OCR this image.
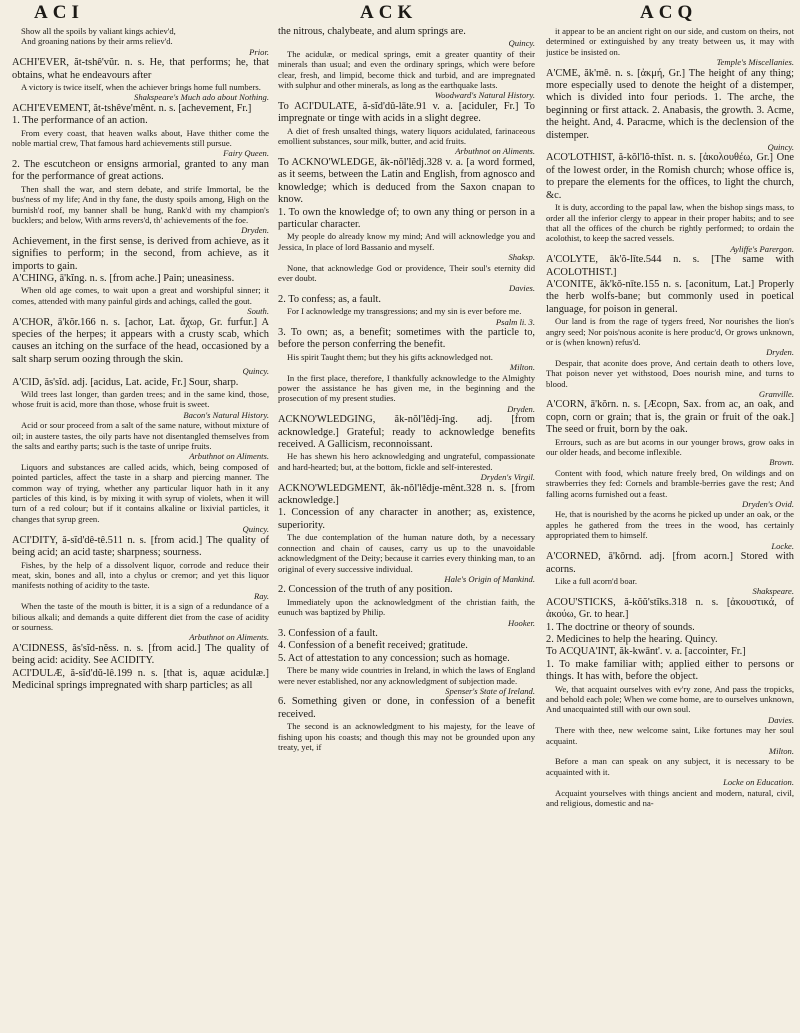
ACI	ACK	ACQ

Show all the spoils by valiant kings achiev'd,

And groaning nations by their arms reliev'd.

Prior.

ACHI'EVER, ăt-tshê'vŭr. n. s. He, that performs; he, that obtains, what he endeavours after

A victory is twice itself, when the achiever brings home full numbers.

Shakspeare's Much ado about Nothing.

ACHI'EVEMENT, ăt-tshêve'mênt. n. s. [achevement, Fr.]

1. The performance of an action.

From every coast, that heaven walks about, Have thither come the noble martial crew, That famous hard achievements still pursue.

Fairy Queen.

2. The escutcheon or ensigns armorial, granted to any man for the performance of great actions.

Then shall the war, and stern debate, and strife Immortal, be the bus'ness of my life; And in thy fane, the dusty spoils among, High on the burnish'd roof, my banner shall be hung, Rank'd with my champion's bucklers; and below, With arms revers'd, th' achievements of the foe.

Dryden.

Achievement, in the first sense, is derived from achieve, as it signifies to perform; in the second, from achieve, as it imports to gain.

A'CHING, ā'kĭng. n. s. [from ache.] Pain; uneasiness.

When old age comes, to wait upon a great and worshipful sinner; it comes, attended with many painful girds and achings, called the gout.

South.

A'CHOR, ā'kŏr.166 n. s. [achor, Lat. ἄχωρ, Gr. furfur.] A species of the herpes; it appears with a crusty scab, which causes an itching on the surface of the head, occasioned by a salt sharp serum oozing through the skin.

Quincy.

A'CID, ăs'sĭd. adj. [acidus, Lat. acide, Fr.] Sour, sharp.

Wild trees last longer, than garden trees; and in the same kind, those, whose fruit is acid, more than those, whose fruit is sweet.

Bacon's Natural History.

Acid or sour proceed from a salt of the same nature, without mixture of oil; in austere tastes, the oily parts have not disentangled themselves from the salts and earthy parts; such is the taste of unripe fruits.

Arbuthnot on Aliments.

Liquors and substances are called acids, which, being composed of pointed particles, affect the taste in a sharp and piercing manner. The common way of trying, whether any particular liquor hath in it any particles of this kind, is by mixing it with syrup of violets, when it will turn of a red colour; but if it contains alkaline or lixivial particles, it changes that syrup green.

Quincy.

ACI'DITY, ă-sĭd'dê-tê.511 n. s. [from acid.] The quality of being acid; an acid taste; sharpness; sourness.

Fishes, by the help of a dissolvent liquor, corrode and reduce their meat, skin, bones and all, into a chylus or cremor; and yet this liquor manifests nothing of acidity to the taste.

Ray.

When the taste of the mouth is bitter, it is a sign of a redundance of a bilious alkali; and demands a quite different diet from the case of acidity or sourness.

Arbuthnot on Aliments.

A'CIDNESS, ăs'sĭd-nĕss. n. s. [from acid.] The quality of being acid: acidity. See ACIDITY.

ACI'DULÆ, ă-sĭd'dŭ-lê.199 n. s. [that is, aquæ acidulæ.] Medicinal springs impregnated with sharp particles; as all

the nitrous, chalybeate, and alum springs are.

Quincy.

The acidulæ, or medical springs, emit a greater quantity of their minerals than usual; and even the ordinary springs, which were before clear, fresh, and limpid, become thick and turbid, and are impregnated with sulphur and other minerals, as long as the earthquake lasts.

Woodward's Natural History.

To ACI'DULATE, ă-sĭd'dŭ-lāte.91 v. a. [aciduler, Fr.] To impregnate or tinge with acids in a slight degree.

A diet of fresh unsalted things, watery liquors acidulated, farinaceous emollient substances, sour milk, butter, and acid fruits.

Arbuthnot on Aliments.

To ACKNO'WLEDGE, ăk-nŏl'lĕdj.328 v. a. [a word formed, as it seems, between the Latin and English, from agnosco and knowledge; which is deduced from the Saxon cnapan to know.

1. To own the knowledge of; to own any thing or person in a particular character.

My people do already know my mind; And will acknowledge you and Jessica, In place of lord Bassanio and myself.

Shaksp.

None, that acknowledge God or providence, Their soul's eternity did ever doubt.

Davies.

2. To confess; as, a fault.

For I acknowledge my transgressions; and my sin is ever before me.

Psalm li. 3.

3. To own; as, a benefit; sometimes with the particle to, before the person conferring the benefit.

His spirit Taught them; but they his gifts acknowledged not.

Milton.

In the first place, therefore, I thankfully acknowledge to the Almighty power the assistance he has given me, in the beginning and the prosecution of my present studies.

Dryden.

ACKNO'WLEDGING, ăk-nŏl'lĕdj-ĭng. adj. [from acknowledge.] Grateful; ready to acknowledge benefits received. A Gallicism, reconnoissant.

He has shewn his hero acknowledging and ungrateful, compassionate and hard-hearted; but, at the bottom, fickle and self-interested.

Dryden's Virgil.

ACKNO'WLEDGMENT, ăk-nŏl'lĕdje-mênt.328 n. s. [from acknowledge.]

1. Concession of any character in another; as, existence, superiority.

The due contemplation of the human nature doth, by a necessary connection and chain of causes, carry us up to the unavoidable acknowledgment of the Deity; because it carries every thinking man, to an original of every successive individual.

Hale's Origin of Mankind.

2. Concession of the truth of any position.

Immediately upon the acknowledgment of the christian faith, the eunuch was baptized by Philip.

Hooker.

3. Confession of a fault.

4. Confession of a benefit received; gratitude.

5. Act of attestation to any concession; such as homage.

There be many wide countries in Ireland, in which the laws of England were never established, nor any acknowledgment of subjection made.

Spenser's State of Ireland.

6. Something given or done, in confession of a benefit received.

The second is an acknowledgment to his majesty, for the leave of fishing upon his coasts; and though this may not be grounded upon any treaty, yet, if

it appear to be an ancient right on our side, and custom on theirs, not determined or extinguished by any treaty between us, it may with justice be insisted on.

Temple's Miscellanies.

A'CME, ăk'mê. n. s. [ἀκμή, Gr.] The height of any thing; more especially used to denote the height of a distemper, which is divided into four periods. 1. The arche, the beginning or first attack. 2. Anabasis, the growth. 3. Acme, the height. And, 4. Paracme, which is the declension of the distemper.

Quincy.

ACO'LOTHIST, ă-kŏl'lŏ-thĭst. n. s. [ἀκολουθέω, Gr.] One of the lowest order, in the Romish church; whose office is, to prepare the elements for the offices, to light the church, &c.

It is duty, according to the papal law, when the bishop sings mass, to order all the inferior clergy to appear in their proper habits; and to see that all the offices of the church be rightly performed; to ordain the acolothist, to keep the sacred vessels.

Ayliffe's Parergon.

A'COLYTE, ăk'ŏ-līte.544 n. s. [The same with ACOLOTHIST.]

A'CONITE, ăk'kŏ-nīte.155 n. s. [aconitum, Lat.] Properly the herb wolfs-bane; but commonly used in poetical language, for poison in general.

Our land is from the rage of tygers freed, Nor nourishes the lion's angry seed; Nor pois'nous aconite is here produc'd, Or grows unknown, or is (when known) refus'd.

Dryden.

Despair, that aconite does prove, And certain death to others love, That poison never yet withstood, Does nourish mine, and turns to blood.

Granville.

A'CORN, ā'kŏrn. n. s. [Æcopn, Sax. from ac, an oak, and copn, corn or grain; that is, the grain or fruit of the oak.] The seed or fruit, born by the oak.

Errours, such as are but acorns in our younger brows, grow oaks in our older heads, and become inflexible.

Brown.

Content with food, which nature freely bred, On wildings and on strawberries they fed: Cornels and bramble-berries gave the rest; And falling acorns furnished out a feast.

Dryden's Ovid.

He, that is nourished by the acorns he picked up under an oak, or the apples he gathered from the trees in the wood, has certainly appropriated them to himself.

Locke.

A'CORNED, ā'kŏrnd. adj. [from acorn.] Stored with acorns.

Like a full acorn'd boar.

Shakspeare.

ACOU'STICKS, ă-kŏŭ'stĭks.318 n. s. [ἀκουστικά, of ἀκούω, Gr. to hear.]

1. The doctrine or theory of sounds.

2. Medicines to help the hearing. Quincy.

To ACQUA'INT, ăk-kwānt'. v. a. [accointer, Fr.]

1. To make familiar with; applied either to persons or things. It has with, before the object.

We, that acquaint ourselves with ev'ry zone, And pass the tropicks, and behold each pole; When we come home, are to ourselves unknown, And unacquainted still with our own soul.

Davies.

There with thee, new welcome saint, Like fortunes may her soul acquaint.

Milton.

Before a man can speak on any subject, it is necessary to be acquainted with it.

Locke on Education.

Acquaint yourselves with things ancient and modern, natural, civil, and religious, domestic and na-
